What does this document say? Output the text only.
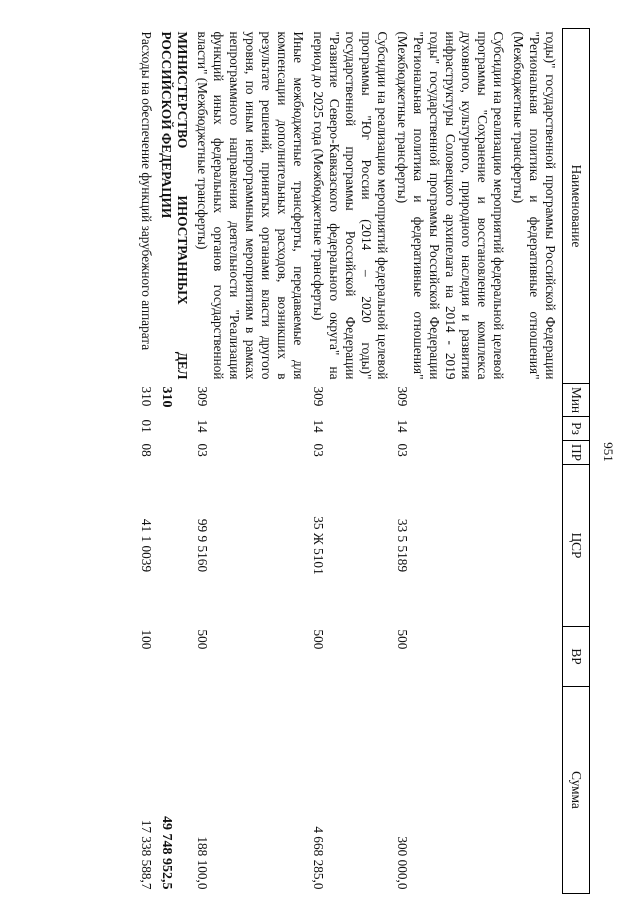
951
Наименование	Мин	Рз	ПР	ЦСР	ВР	Сумма
годы)" государственной программы Российской Федерации "Региональная политика и федеративные отношения" (Межбюджетные трансферты)						
Субсидии на реализацию мероприятий федеральной целевой программы "Сохранение и восстановление комплекса духовного, культурного, природного наследия и развития инфраструктуры Соловецкого архипелага на 2014 - 2019 годы" государственной программы Российской Федерации "Региональная политика и федеративные отношения" (Межбюджетные трансферты)	309	14	03	33 5 5189	500	300 000,0
Субсидии на реализацию мероприятий федеральной целевой программы "Юг России (2014 – 2020 годы)" государственной программы Российской Федерации "Развитие Северо-Кавказского федерального округа" на период до 2025 года (Межбюджетные трансферты)	309	14	03	35 Ж 5101	500	4 668 285,0
Иные межбюджетные трансферты, передаваемые для компенсации дополнительных расходов, возникших в результате решений, принятых органами власти другого уровня, по иным непрограммным мероприятиям в рамках непрограммного направления деятельности "Реализация функций иных федеральных органов государственной власти" (Межбюджетные трансферты)	309	14	03	99 9 5160	500	188 100,0
МИНИСТЕРСТВО ИНОСТРАННЫХ ДЕЛ РОССИЙСКОЙ ФЕДЕРАЦИИ	310					49 748 952,5
Расходы на обеспечение функций зарубежного аппарата	310	01	08	41 1 0039	100	17 338 588,7
